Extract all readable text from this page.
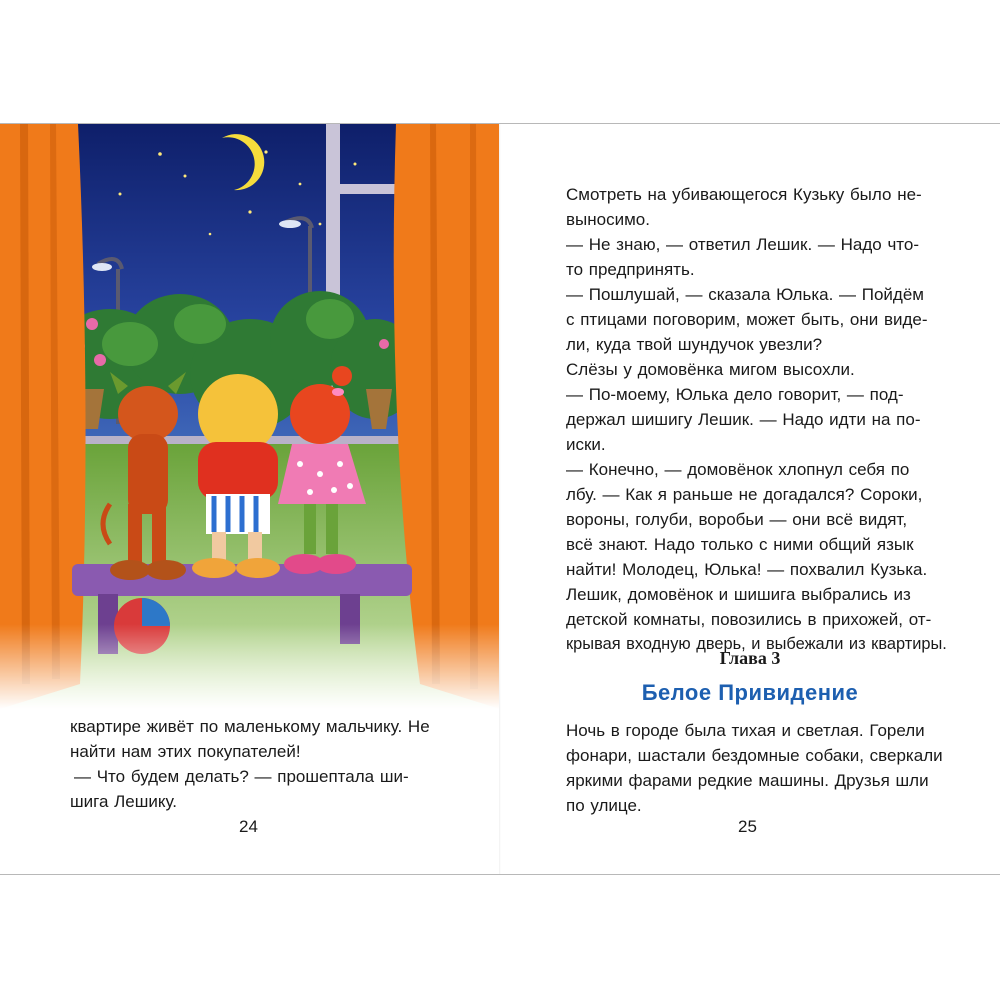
квартире живёт по маленькому мальчику. Не
найти нам этих покупателей!
— Что будем делать? — прошептала ши-
шига Лешику.
24
Смотреть на убивающегося Кузьку было не-
выносимо.
— Не знаю, — ответил Лешик. — Надо что-
то предпринять.
— Пошлушай, — сказала Юлька. — Пойдём
с птицами поговорим, может быть, они виде-
ли, куда твой шундучок увезли?
Слёзы у домовёнка мигом высохли.
— По-моему, Юлька дело говорит, — под-
держал шишигу Лешик. — Надо идти на по-
иски.
— Конечно, — домовёнок хлопнул себя по
лбу. — Как я раньше не догадался? Сороки,
вороны, голуби, воробьи — они всё видят,
всё знают. Надо только с ними общий язык
найти! Молодец, Юлька! — похвалил Кузька.
Лешик, домовёнок и шишига выбрались из
детской комнаты, повозились в прихожей, от-
крывая входную дверь, и выбежали из квартиры.
Глава 3
Белое Привидение
Ночь в городе была тихая и светлая. Горели
фонари, шастали бездомные собаки, сверкали
яркими фарами редкие машины. Друзья шли
по улице.
25
